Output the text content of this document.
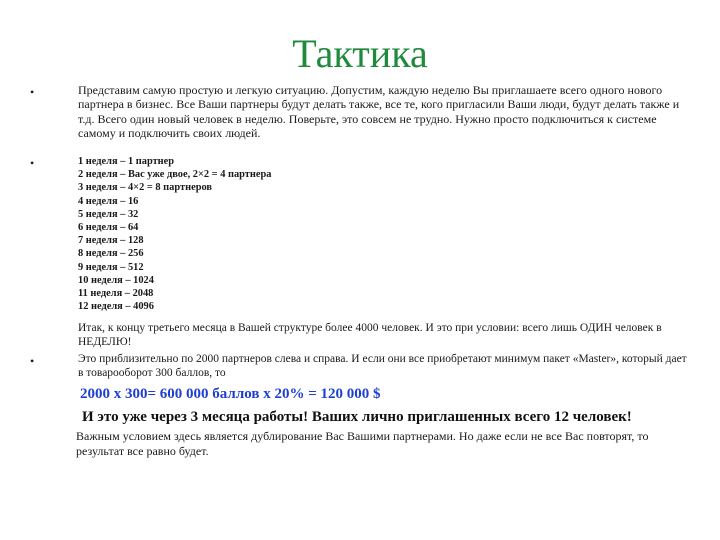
Тактика
•	Представим самую простую и легкую ситуацию. Допустим, каждую неделю Вы приглашаете всего одного нового партнера в бизнес. Все Ваши партнеры будут делать также, все те, кого пригласили Ваши люди, будут делать также и т.д. Всего один новый человек в неделю. Поверьте, это совсем не трудно. Нужно просто подключиться к системе самому и подключить своих людей.
•	1 неделя – 1 партнер
2 неделя – Вас уже двое, 2×2 = 4 партнера
3 неделя – 4×2 = 8 партнеров
4 неделя – 16
5 неделя – 32
6 неделя – 64
7 неделя – 128
8 неделя – 256
9 неделя – 512
10 неделя – 1024
11 неделя – 2048
12 неделя – 4096
Итак, к концу третьего месяца в Вашей структуре более 4000 человек. И это при условии: всего лишь ОДИН человек в НЕДЕЛЮ!
•	Это приблизительно по 2000 партнеров слева и справа. И если они все приобретают минимум пакет «Master», который дает в товарооборот 300 баллов, то
2000 х 300= 600 000 баллов х 20% = 120 000 $
И это уже через 3 месяца работы! Ваших лично приглашенных всего 12 человек!
Важным условием здесь является дублирование Вас Вашими партнерами. Но даже если не все Вас повторят, то результат все равно будет.
